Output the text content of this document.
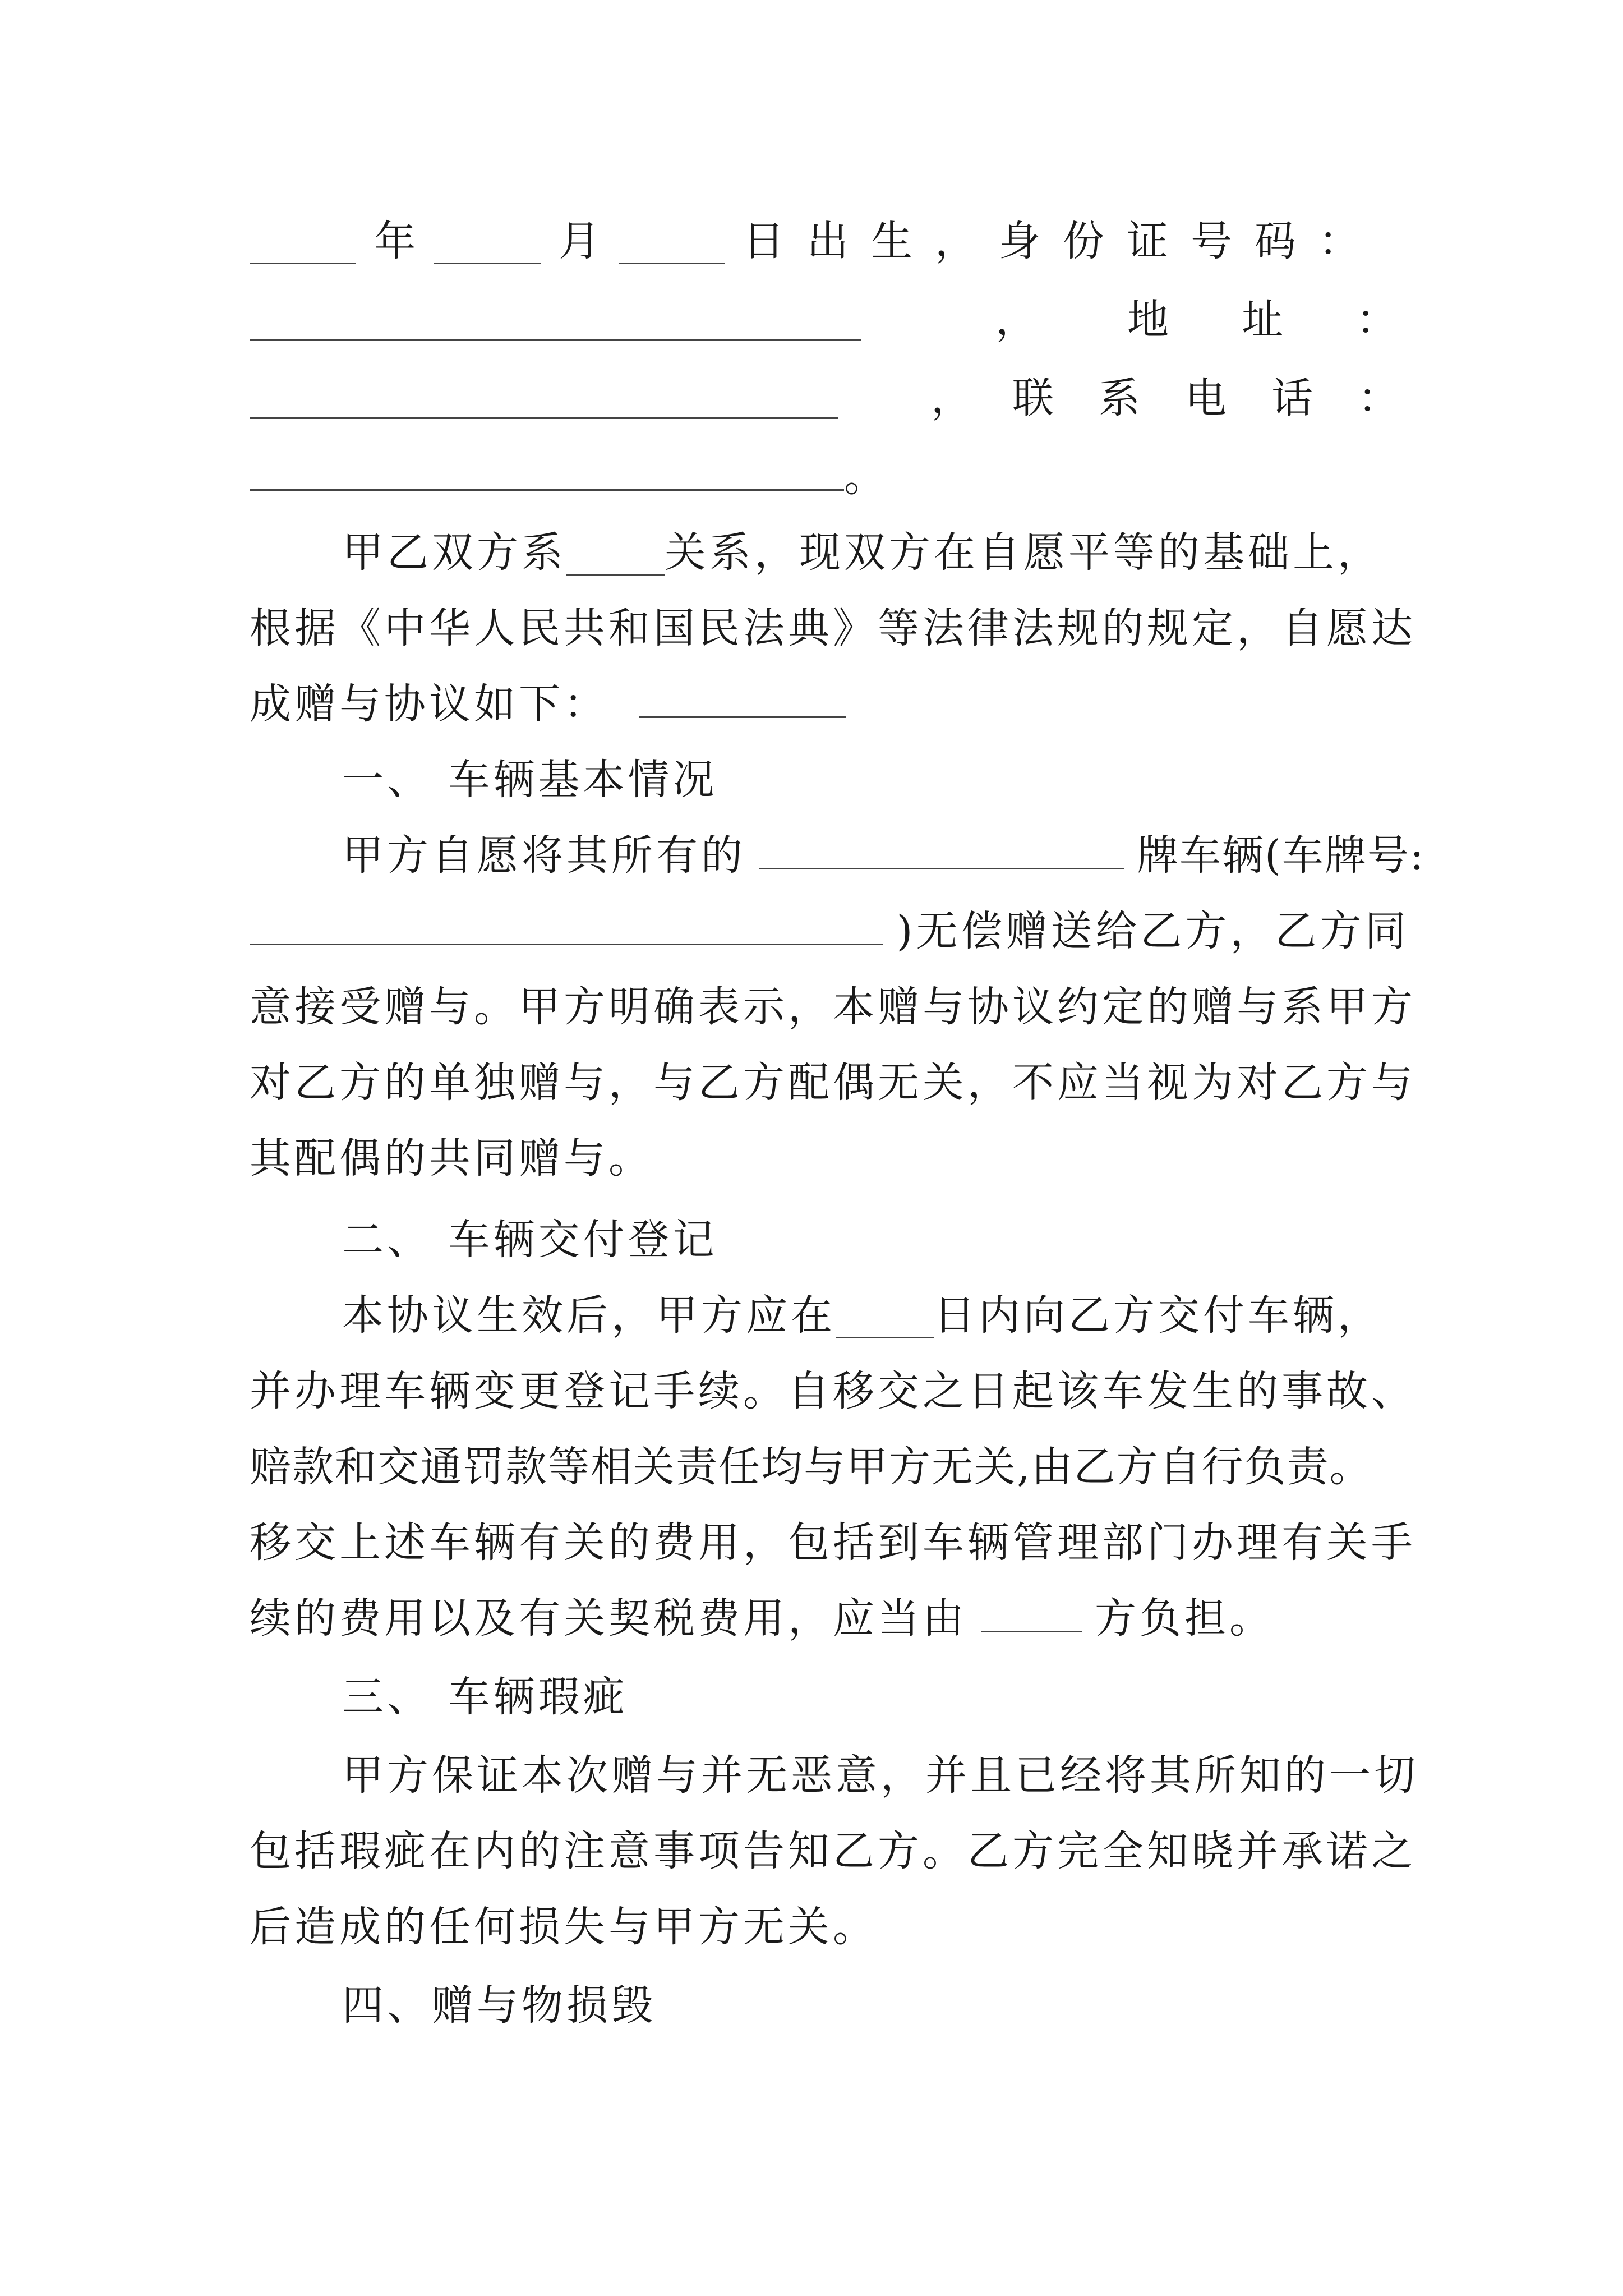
年	月	日出生，身份证号码：
， 地址：
， 联系电话：
。
甲乙双方系 关系，现双方在自愿平等的基础上，
根据《中华人民共和国民法典》等法律法规的规定，自愿达
成赠与协议如下：
一、 车辆基本情况
甲方自愿将其所有的	牌车辆(车牌号:
)无偿赠送给乙方，乙方同
意接受赠与。甲方明确表示，本赠与协议约定的赠与系甲方
对乙方的单独赠与，与乙方配偶无关，不应当视为对乙方与
其配偶的共同赠与。
二、 车辆交付登记
本协议生效后，甲方应在 日内向乙方交付车辆，
并办理车辆变更登记手续。自移交之日起该车发生的事故、
赔款和交通罚款等相关责任均与甲方无关,由乙方自行负责。
移交上述车辆有关的费用，包括到车辆管理部门办理有关手
续的费用以及有关契税费用，应当由	方负担。
三、 车辆瑕疵
甲方保证本次赠与并无恶意，并且已经将其所知的一切
包括瑕疵在内的注意事项告知乙方。乙方完全知晓并承诺之
后造成的任何损失与甲方无关。
四、赠与物损毁
